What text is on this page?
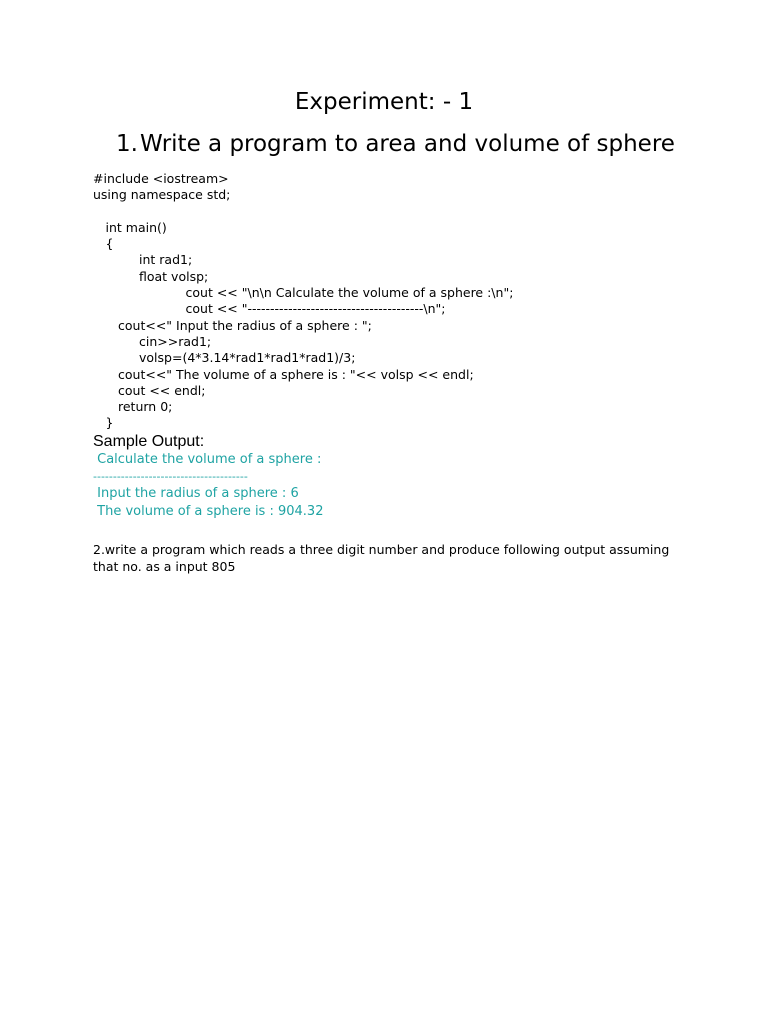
Experiment: - 1
1.Write a program to area and volume of sphere
#include <iostream>
using namespace std;
int main()
{
int rad1;
float volsp;
cout << "\n\n Calculate the volume of a sphere :\n";
cout << "---------------------------------------\n";
cout<<" Input the radius of a sphere : ";
cin>>rad1;
volsp=(4*3.14*rad1*rad1*rad1)/3;
cout<<" The volume of a sphere is : "<< volsp << endl;
cout << endl;
return 0;
}
Sample Output:
Calculate the volume of a sphere :
---------------------------------------
Input the radius of a sphere : 6
The volume of a sphere is : 904.32
2.write a program which reads a three digit number and produce following output assuming that no. as a input 805
